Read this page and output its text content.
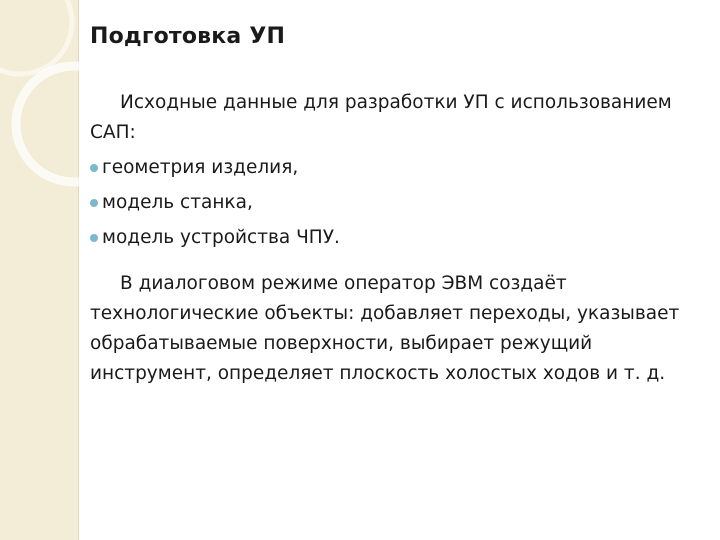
Подготовка УП

Исходные данные для разработки УП с использованием САП:

геометрия изделия,
модель станка,
модель устройства ЧПУ.

В диалоговом режиме оператор ЭВМ создаёт технологические объекты: добавляет переходы, указывает обрабатываемые поверхности, выбирает режущий инструмент, определяет плоскость холостых ходов и т. д.
